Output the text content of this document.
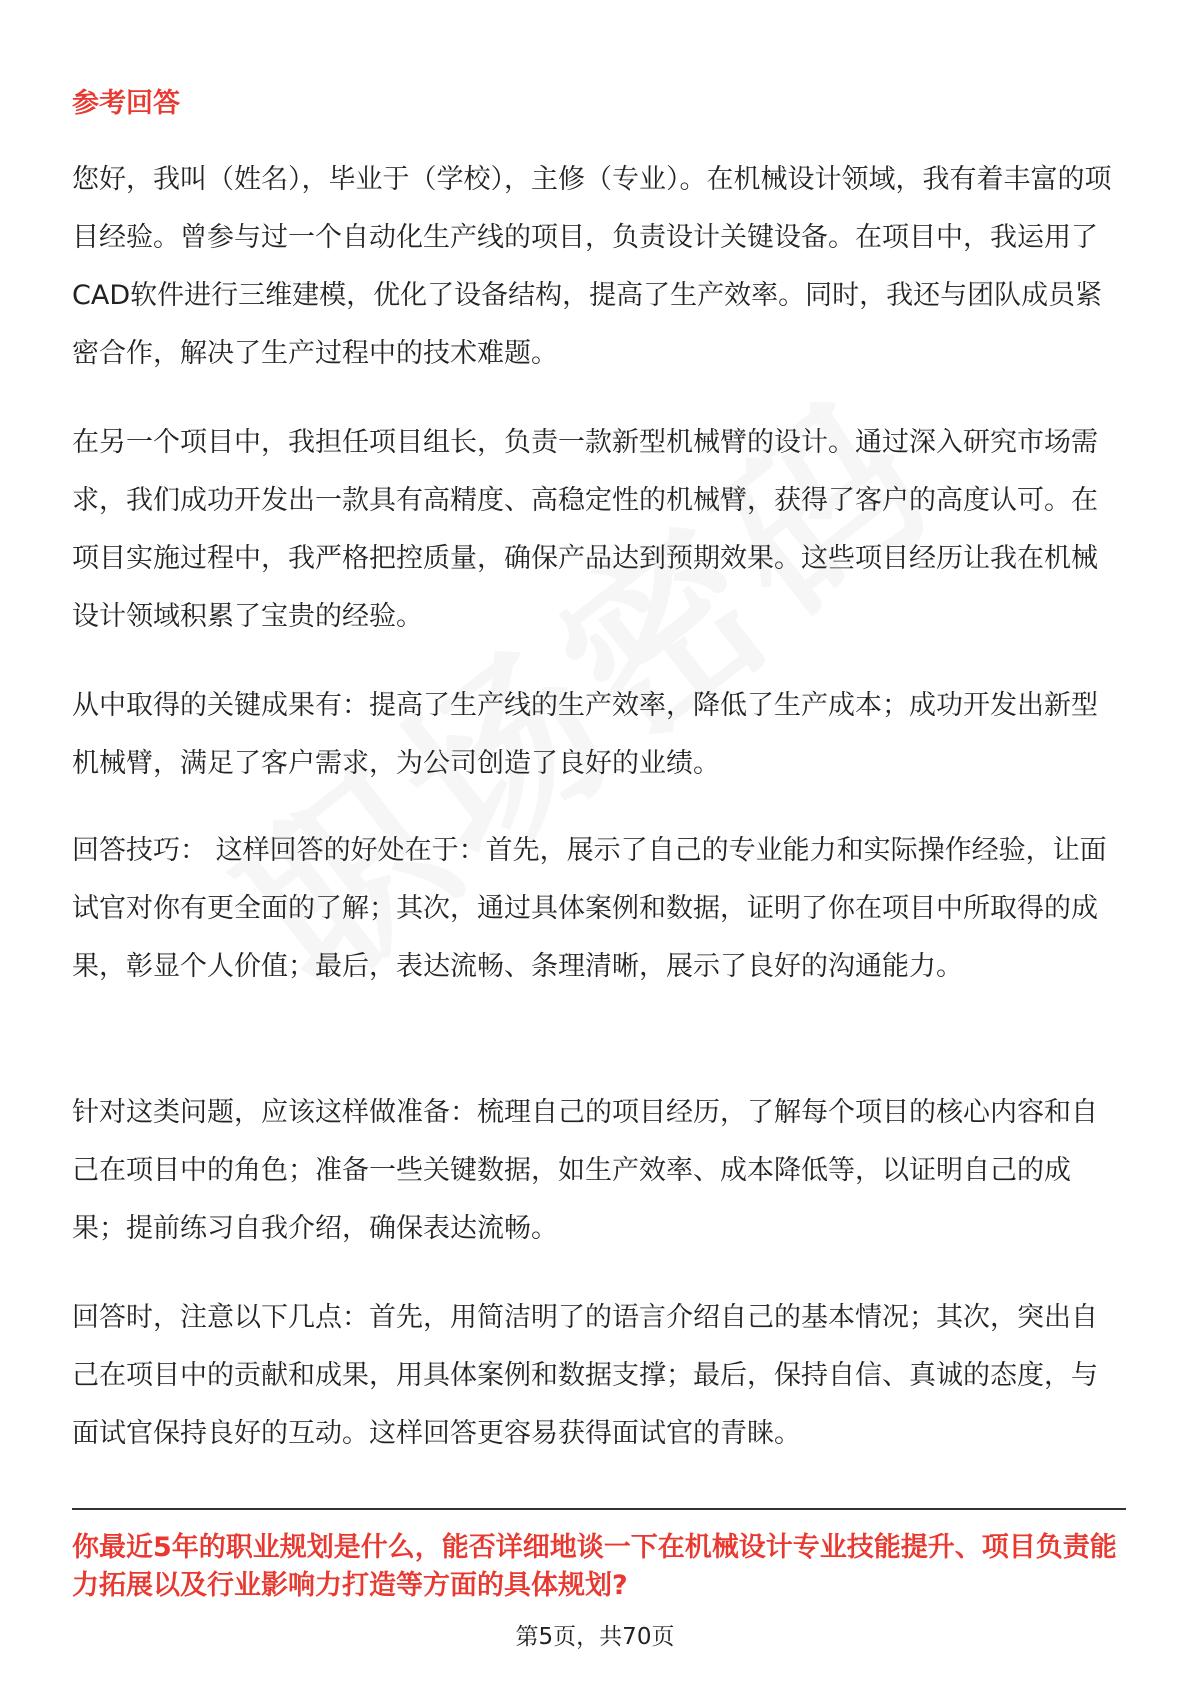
参考回答

您好，我叫（姓名），毕业于（学校），主修（专业）。在机械设计领域，我有着丰富的项目经验。曾参与过一个自动化生产线的项目，负责设计关键设备。在项目中，我运用了CAD软件进行三维建模，优化了设备结构，提高了生产效率。同时，我还与团队成员紧密合作，解决了生产过程中的技术难题。

在另一个项目中，我担任项目组长，负责一款新型机械臂的设计。通过深入研究市场需求，我们成功开发出一款具有高精度、高稳定性的机械臂，获得了客户的高度认可。在项目实施过程中，我严格把控质量，确保产品达到预期效果。这些项目经历让我在机械设计领域积累了宝贵的经验。

从中取得的关键成果有：提高了生产线的生产效率，降低了生产成本；成功开发出新型机械臂，满足了客户需求，为公司创造了良好的业绩。

回答技巧： 这样回答的好处在于：首先，展示了自己的专业能力和实际操作经验，让面试官对你有更全面的了解；其次，通过具体案例和数据，证明了你在项目中所取得的成果，彰显个人价值；最后，表达流畅、条理清晰，展示了良好的沟通能力。

针对这类问题，应该这样做准备：梳理自己的项目经历，了解每个项目的核心内容和自己在项目中的角色；准备一些关键数据，如生产效率、成本降低等，以证明自己的成果；提前练习自我介绍，确保表达流畅。

回答时，注意以下几点：首先，用简洁明了的语言介绍自己的基本情况；其次，突出自己在项目中的贡献和成果，用具体案例和数据支撑；最后，保持自信、真诚的态度，与面试官保持良好的互动。这样回答更容易获得面试官的青睐。

你最近5年的职业规划是什么，能否详细地谈一下在机械设计专业技能提升、项目负责能力拓展以及行业影响力打造等方面的具体规划?

第5页，共70页
